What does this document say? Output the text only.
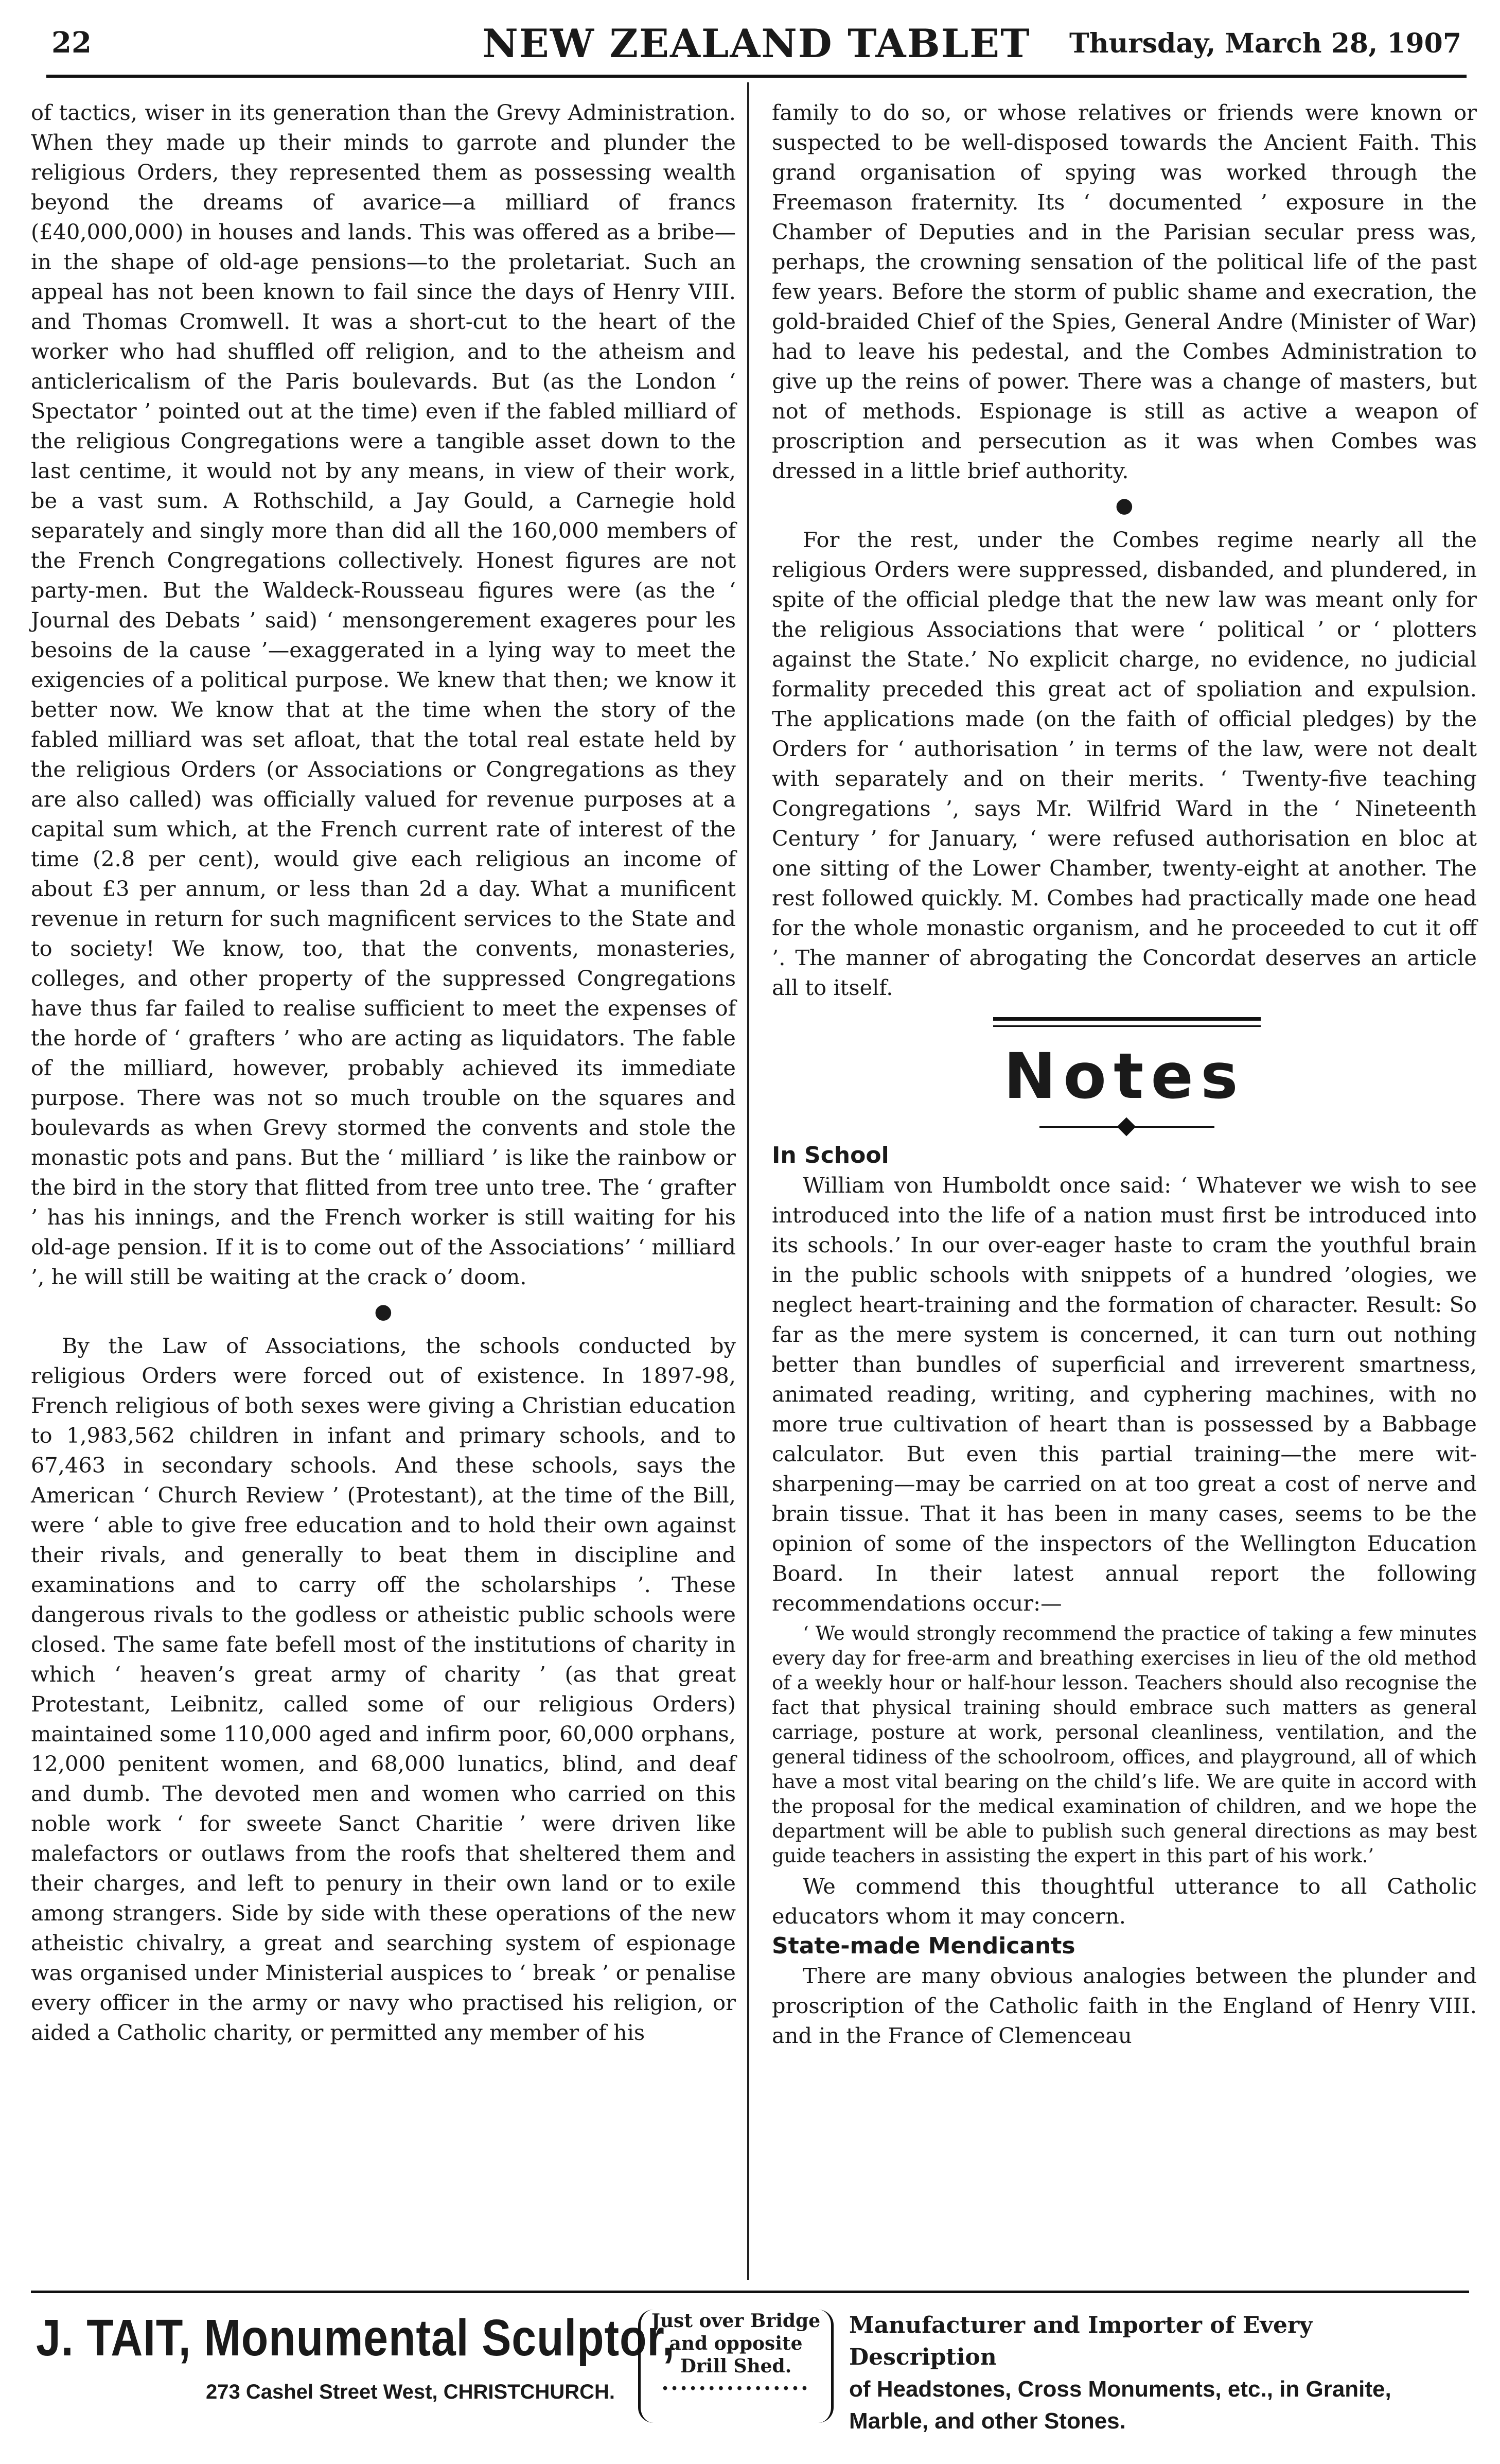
22	NEW ZEALAND TABLET	Thursday, March 28, 1907

of tactics, wiser in its generation than the Grevy Administration. When they made up their minds to garrote and plunder the religious Orders, they represented them as possessing wealth beyond the dreams of avarice—a milliard of francs (£40,000,000) in houses and lands. This was offered as a bribe—in the shape of old-age pensions—to the proletariat. Such an appeal has not been known to fail since the days of Henry VIII. and Thomas Cromwell. It was a short-cut to the heart of the worker who had shuffled off religion, and to the atheism and anticlericalism of the Paris boulevards. But (as the London ‘ Spectator ’ pointed out at the time) even if the fabled milliard of the religious Congregations were a tangible asset down to the last centime, it would not by any means, in view of their work, be a vast sum. A Rothschild, a Jay Gould, a Carnegie hold separately and singly more than did all the 160,000 members of the French Congregations collectively. Honest figures are not party-men. But the Waldeck-Rousseau figures were (as the ‘ Journal des Debats ’ said) ‘ mensongerement exageres pour les besoins de la cause ’—exaggerated in a lying way to meet the exigencies of a political purpose. We knew that then; we know it better now. We know that at the time when the story of the fabled milliard was set afloat, that the total real estate held by the religious Orders (or Associations or Congregations as they are also called) was officially valued for revenue purposes at a capital sum which, at the French current rate of interest of the time (2.8 per cent), would give each religious an income of about £3 per annum, or less than 2d a day. What a munificent revenue in return for such magnificent services to the State and to society! We know, too, that the convents, monasteries, colleges, and other property of the suppressed Congregations have thus far failed to realise sufficient to meet the expenses of the horde of ‘ grafters ’ who are acting as liquidators. The fable of the milliard, however, probably achieved its immediate purpose. There was not so much trouble on the squares and boulevards as when Grevy stormed the convents and stole the monastic pots and pans. But the ‘ milliard ’ is like the rainbow or the bird in the story that flitted from tree unto tree. The ‘ grafter ’ has his innings, and the French worker is still waiting for his old-age pension. If it is to come out of the Associations’ ‘ milliard ’, he will still be waiting at the crack o’ doom.

●

By the Law of Associations, the schools conducted by religious Orders were forced out of existence. In 1897-98, French religious of both sexes were giving a Christian education to 1,983,562 children in infant and primary schools, and to 67,463 in secondary schools. And these schools, says the American ‘ Church Review ’ (Protestant), at the time of the Bill, were ‘ able to give free education and to hold their own against their rivals, and generally to beat them in discipline and examinations and to carry off the scholarships ’. These dangerous rivals to the godless or atheistic public schools were closed. The same fate befell most of the institutions of charity in which ‘ heaven’s great army of charity ’ (as that great Protestant, Leibnitz, called some of our religious Orders) maintained some 110,000 aged and infirm poor, 60,000 orphans, 12,000 penitent women, and 68,000 lunatics, blind, and deaf and dumb. The devoted men and women who carried on this noble work ‘ for sweete Sanct Charitie ’ were driven like malefactors or outlaws from the roofs that sheltered them and their charges, and left to penury in their own land or to exile among strangers. Side by side with these operations of the new atheistic chivalry, a great and searching system of espionage was organised under Ministerial auspices to ‘ break ’ or penalise every officer in the army or navy who practised his religion, or aided a Catholic charity, or permitted any member of his

family to do so, or whose relatives or friends were known or suspected to be well-disposed towards the Ancient Faith. This grand organisation of spying was worked through the Freemason fraternity. Its ‘ documented ’ exposure in the Chamber of Deputies and in the Parisian secular press was, perhaps, the crowning sensation of the political life of the past few years. Before the storm of public shame and execration, the gold-braided Chief of the Spies, General Andre (Minister of War) had to leave his pedestal, and the Combes Administration to give up the reins of power. There was a change of masters, but not of methods. Espionage is still as active a weapon of proscription and persecution as it was when Combes was dressed in a little brief authority.

●

For the rest, under the Combes regime nearly all the religious Orders were suppressed, disbanded, and plundered, in spite of the official pledge that the new law was meant only for the religious Associations that were ‘ political ’ or ‘ plotters against the State.’ No explicit charge, no evidence, no judicial formality preceded this great act of spoliation and expulsion. The applications made (on the faith of official pledges) by the Orders for ‘ authorisation ’ in terms of the law, were not dealt with separately and on their merits. ‘ Twenty-five teaching Congregations ’, says Mr. Wilfrid Ward in the ‘ Nineteenth Century ’ for January, ‘ were refused authorisation en bloc at one sitting of the Lower Chamber, twenty-eight at another. The rest followed quickly. M. Combes had practically made one head for the whole monastic organism, and he proceeded to cut it off ’. The manner of abrogating the Concordat deserves an article all to itself.

Notes

In School

William von Humboldt once said: ‘ Whatever we wish to see introduced into the life of a nation must first be introduced into its schools.’ In our over-eager haste to cram the youthful brain in the public schools with snippets of a hundred ’ologies, we neglect heart-training and the formation of character. Result: So far as the mere system is concerned, it can turn out nothing better than bundles of superficial and irreverent smartness, animated reading, writing, and cyphering machines, with no more true cultivation of heart than is possessed by a Babbage calculator. But even this partial training—the mere wit-sharpening—may be carried on at too great a cost of nerve and brain tissue. That it has been in many cases, seems to be the opinion of some of the inspectors of the Wellington Education Board. In their latest annual report the following recommendations occur:—

‘ We would strongly recommend the practice of taking a few minutes every day for free-arm and breathing exercises in lieu of the old method of a weekly hour or half-hour lesson. Teachers should also recognise the fact that physical training should embrace such matters as general carriage, posture at work, personal cleanliness, ventilation, and the general tidiness of the schoolroom, offices, and playground, all of which have a most vital bearing on the child’s life. We are quite in accord with the proposal for the medical examination of children, and we hope the department will be able to publish such general directions as may best guide teachers in assisting the expert in this part of his work.’

We commend this thoughtful utterance to all Catholic educators whom it may concern.

State-made Mendicants

There are many obvious analogies between the plunder and proscription of the Catholic faith in the England of Henry VIII. and in the France of Clemenceau

J. TAIT, Monumental Sculptor,
273 Cashel Street West, CHRISTCHURCH.
Just over Bridge
and opposite
Drill Shed.
••••••••••••••••
Manufacturer and Importer of Every Description
of Headstones, Cross Monuments, etc., in Granite,
Marble, and other Stones.
